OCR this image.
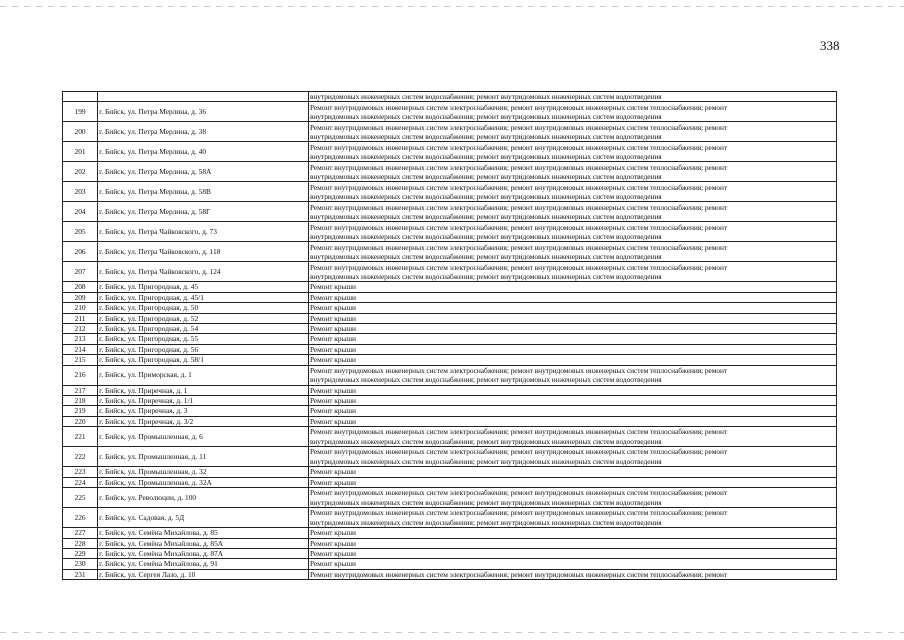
338

		внутридомовых инженерных систем водоснабжения; ремонт внутридомовых инженерных систем водоотведения

199	г. Бийск, ул. Петра Мерлина, д. 36	Ремонт внутридомовых инженерных систем электроснабжения; ремонт внутридомовых инженерных систем теплоснабжения; ремонт
внутридомовых инженерных систем водоснабжения; ремонт внутридомовых инженерных систем водоотведения

200	г. Бийск, ул. Петра Мерлина, д. 38	Ремонт внутридомовых инженерных систем электроснабжения; ремонт внутридомовых инженерных систем теплоснабжения; ремонт
внутридомовых инженерных систем водоснабжения; ремонт внутридомовых инженерных систем водоотведения

201	г. Бийск, ул. Петра Мерлина, д. 40	Ремонт внутридомовых инженерных систем электроснабжения; ремонт внутридомовых инженерных систем теплоснабжения; ремонт
внутридомовых инженерных систем водоснабжения; ремонт внутридомовых инженерных систем водоотведения

202	г. Бийск, ул. Петра Мерлина, д. 58А	Ремонт внутридомовых инженерных систем электроснабжения; ремонт внутридомовых инженерных систем теплоснабжения; ремонт
внутридомовых инженерных систем водоснабжения; ремонт внутридомовых инженерных систем водоотведения

203	г. Бийск, ул. Петра Мерлина, д. 58В	Ремонт внутридомовых инженерных систем электроснабжения; ремонт внутридомовых инженерных систем теплоснабжения; ремонт
внутридомовых инженерных систем водоснабжения; ремонт внутридомовых инженерных систем водоотведения

204	г. Бийск, ул. Петра Мерлина, д. 58Г	Ремонт внутридомовых инженерных систем электроснабжения; ремонт внутридомовых инженерных систем теплоснабжения; ремонт
внутридомовых инженерных систем водоснабжения; ремонт внутридомовых инженерных систем водоотведения

205	г. Бийск, ул. Петра Чайковского, д. 73	Ремонт внутридомовых инженерных систем электроснабжения; ремонт внутридомовых инженерных систем теплоснабжения; ремонт
внутридомовых инженерных систем водоснабжения; ремонт внутридомовых инженерных систем водоотведения

206	г. Бийск, ул. Петра Чайковского, д. 118	Ремонт внутридомовых инженерных систем электроснабжения; ремонт внутридомовых инженерных систем теплоснабжения; ремонт
внутридомовых инженерных систем водоснабжения; ремонт внутридомовых инженерных систем водоотведения

207	г. Бийск, ул. Петра Чайковского, д. 124	Ремонт внутридомовых инженерных систем электроснабжения; ремонт внутридомовых инженерных систем теплоснабжения; ремонт
внутридомовых инженерных систем водоснабжения; ремонт внутридомовых инженерных систем водоотведения

208	г. Бийск, ул. Пригородная, д. 45	Ремонт крыши

209	г. Бийск, ул. Пригородная, д. 45/1	Ремонт крыши

210	г. Бийск, ул. Пригородная, д. 50	Ремонт крыши

211	г. Бийск, ул. Пригородная, д. 52	Ремонт крыши

212	г. Бийск, ул. Пригородная, д. 54	Ремонт крыши

213	г. Бийск, ул. Пригородная, д. 55	Ремонт крыши

214	г. Бийск, ул. Пригородная, д. 56	Ремонт крыши

215	г. Бийск, ул. Пригородная, д. 58/1	Ремонт крыши

216	г. Бийск, ул. Приморская, д. 1	Ремонт внутридомовых инженерных систем электроснабжения; ремонт внутридомовых инженерных систем теплоснабжения; ремонт
внутридомовых инженерных систем водоснабжения; ремонт внутридомовых инженерных систем водоотведения

217	г. Бийск, ул. Приречная, д. 1	Ремонт крыши

218	г. Бийск, ул. Приречная, д. 1/1	Ремонт крыши

219	г. Бийск, ул. Приречная, д. 3	Ремонт крыши

220	г. Бийск, ул. Приречная, д. 3/2	Ремонт крыши

221	г. Бийск, ул. Промышленная, д. 6	Ремонт внутридомовых инженерных систем электроснабжения; ремонт внутридомовых инженерных систем теплоснабжения; ремонт
внутридомовых инженерных систем водоснабжения; ремонт внутридомовых инженерных систем водоотведения

222	г. Бийск, ул. Промышленная, д. 11	Ремонт внутридомовых инженерных систем электроснабжения; ремонт внутридомовых инженерных систем теплоснабжения; ремонт
внутридомовых инженерных систем водоснабжения; ремонт внутридомовых инженерных систем водоотведения

223	г. Бийск, ул. Промышленная, д. 32	Ремонт крыши

224	г. Бийск, ул. Промышленная, д. 32А	Ремонт крыши

225	г. Бийск, ул. Революции, д. 100	Ремонт внутридомовых инженерных систем электроснабжения; ремонт внутридомовых инженерных систем теплоснабжения; ремонт
внутридомовых инженерных систем водоснабжения; ремонт внутридомовых инженерных систем водоотведения

226	г. Бийск, ул. Садовая, д. 5Д	Ремонт внутридомовых инженерных систем электроснабжения; ремонт внутридомовых инженерных систем теплоснабжения; ремонт
внутридомовых инженерных систем водоснабжения; ремонт внутридомовых инженерных систем водоотведения

227	г. Бийск, ул. Семёна Михайлова, д. 85	Ремонт крыши

228	г. Бийск, ул. Семёна Михайлова, д. 85А	Ремонт крыши

229	г. Бийск, ул. Семёна Михайлова, д. 87А	Ремонт крыши

230	г. Бийск, ул. Семёна Михайлова, д. 91	Ремонт крыши

231	г. Бийск, ул. Сергея Лазо, д. 10	Ремонт внутридомовых инженерных систем электроснабжения; ремонт внутридомовых инженерных систем теплоснабжения; ремонт
